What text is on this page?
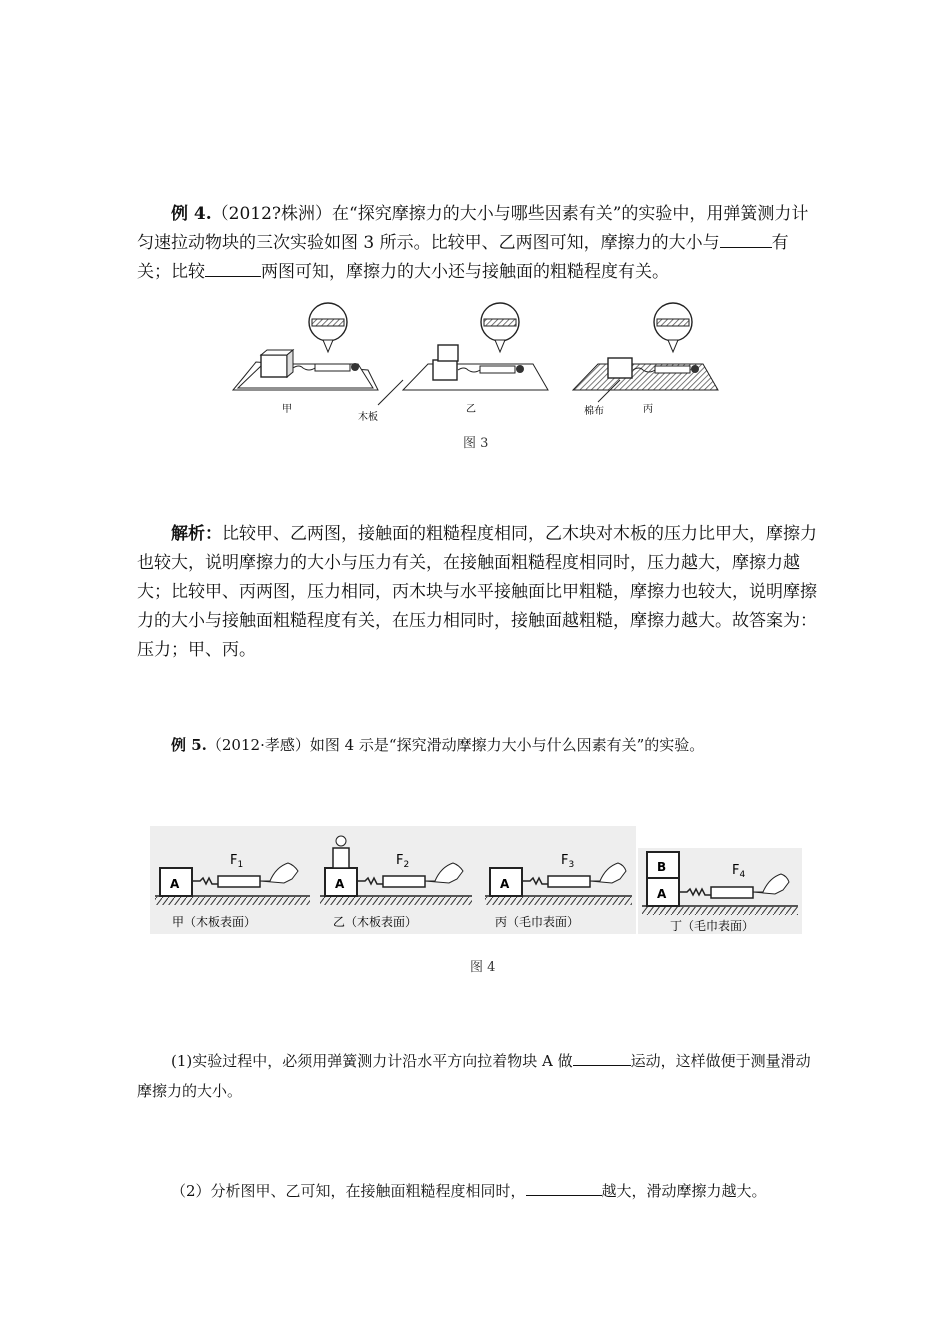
例 4.（2012?株洲）在“探究摩擦力的大小与哪些因素有关”的实验中，用弹簧测力计匀速拉动物块的三次实验如图 3 所示。比较甲、乙两图可知，摩擦力的大小与	有关；比较	两图可知，摩擦力的大小还与接触面的粗糙程度有关。
甲
木板
乙	棉布	丙
图 3
解析：比较甲、乙两图，接触面的粗糙程度相同，乙木块对木板的压力比甲大，摩擦力也较大，说明摩擦力的大小与压力有关，在接触面粗糙程度相同时，压力越大，摩擦力越大；比较甲、丙两图，压力相同，丙木块与水平接触面比甲粗糙，摩擦力也较大，说明摩擦力的大小与接触面粗糙程度有关，在压力相同时，接触面越粗糙，摩擦力越大。故答案为：压力；甲、丙。
例 5.（2012·孝感）如图 4 示是“探究滑动摩擦力大小与什么因素有关”的实验。
A
$F_1$
甲（木板表面）
A
$F_2$
乙（木板表面）
A
$F_3$
丙（毛巾表面）
A
B	$F_4$
丁（毛巾表面）
图 4
(1)实验过程中，必须用弹簧测力计沿水平方向拉着物块 A 做	运动，这样做便于测量滑动摩擦力的大小。
（2）分析图甲、乙可知，在接触面粗糙程度相同时，	越大，滑动摩擦力越大。
